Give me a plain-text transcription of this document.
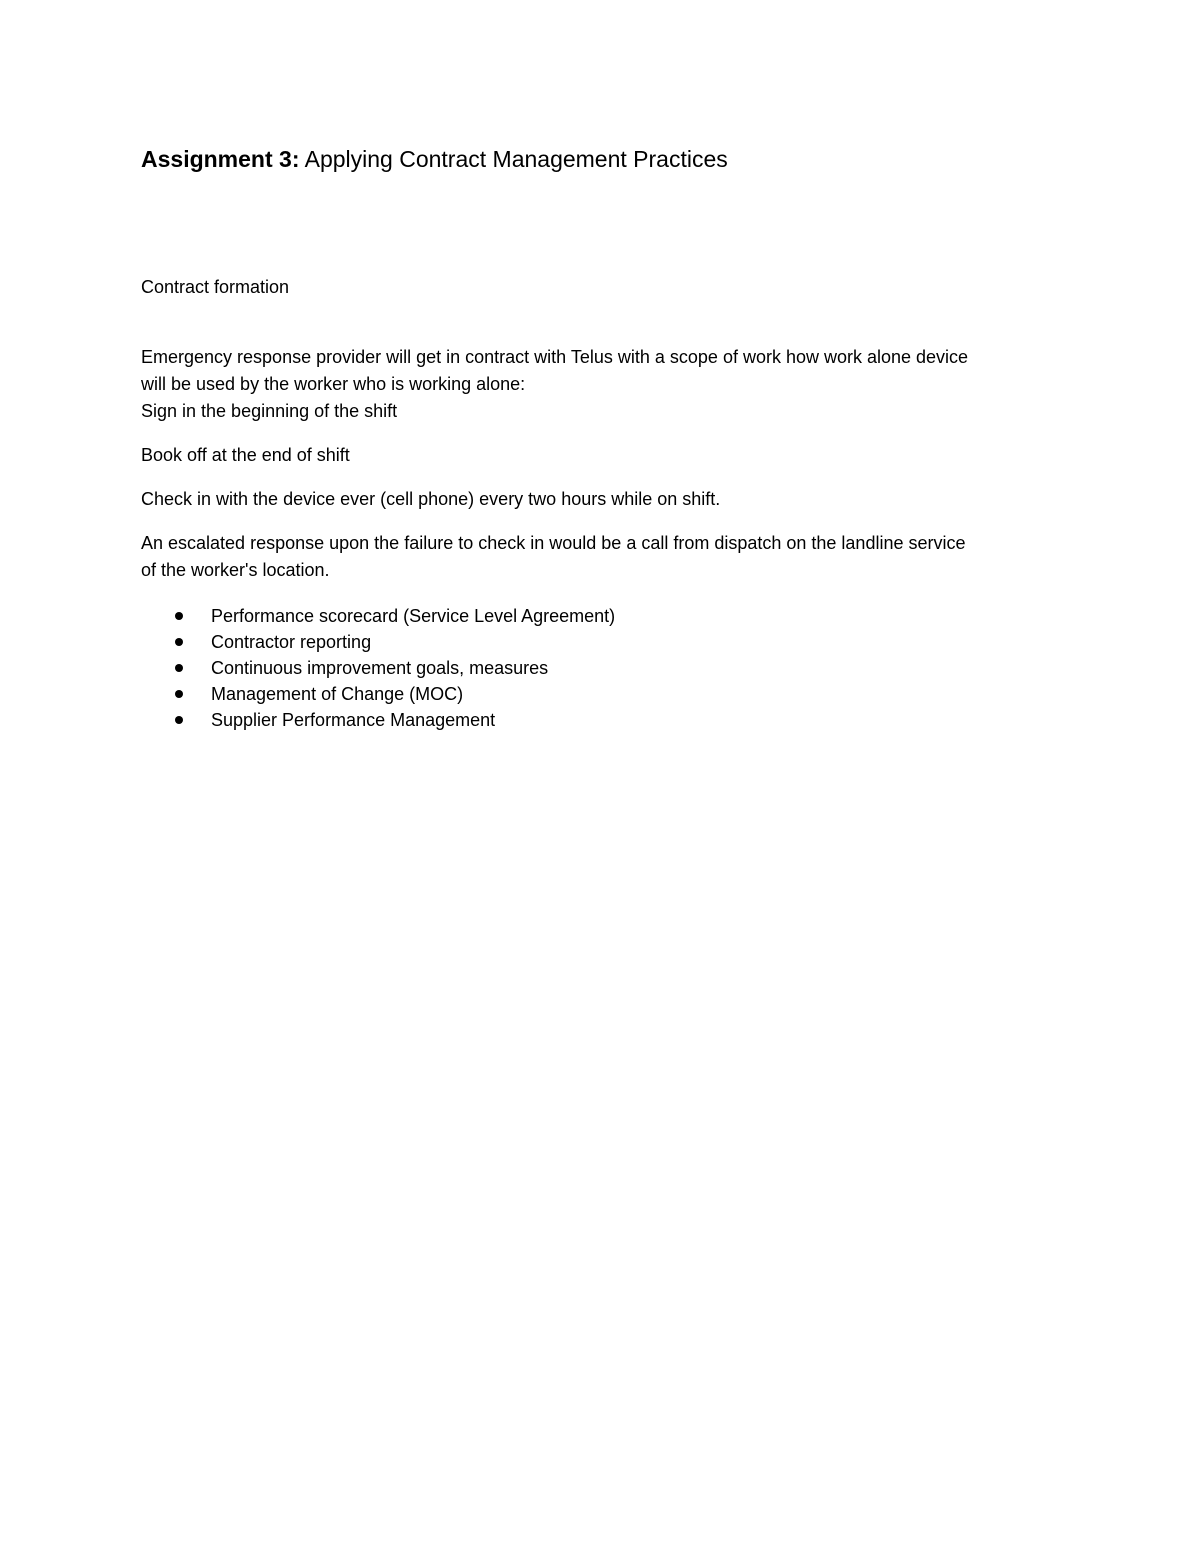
Assignment 3: Applying Contract Management Practices

Contract formation

Emergency response provider will get in contract with Telus with a scope of work how work alone device
will be used by the worker who is working alone:
Sign in the beginning of the shift

Book off at the end of shift

Check in with the device ever (cell phone) every two hours while on shift.

An escalated response upon the failure to check in would be a call from dispatch on the landline service
of the worker's location.

Performance scorecard (Service Level Agreement)
Contractor reporting
Continuous improvement goals, measures
Management of Change (MOC)
Supplier Performance Management
